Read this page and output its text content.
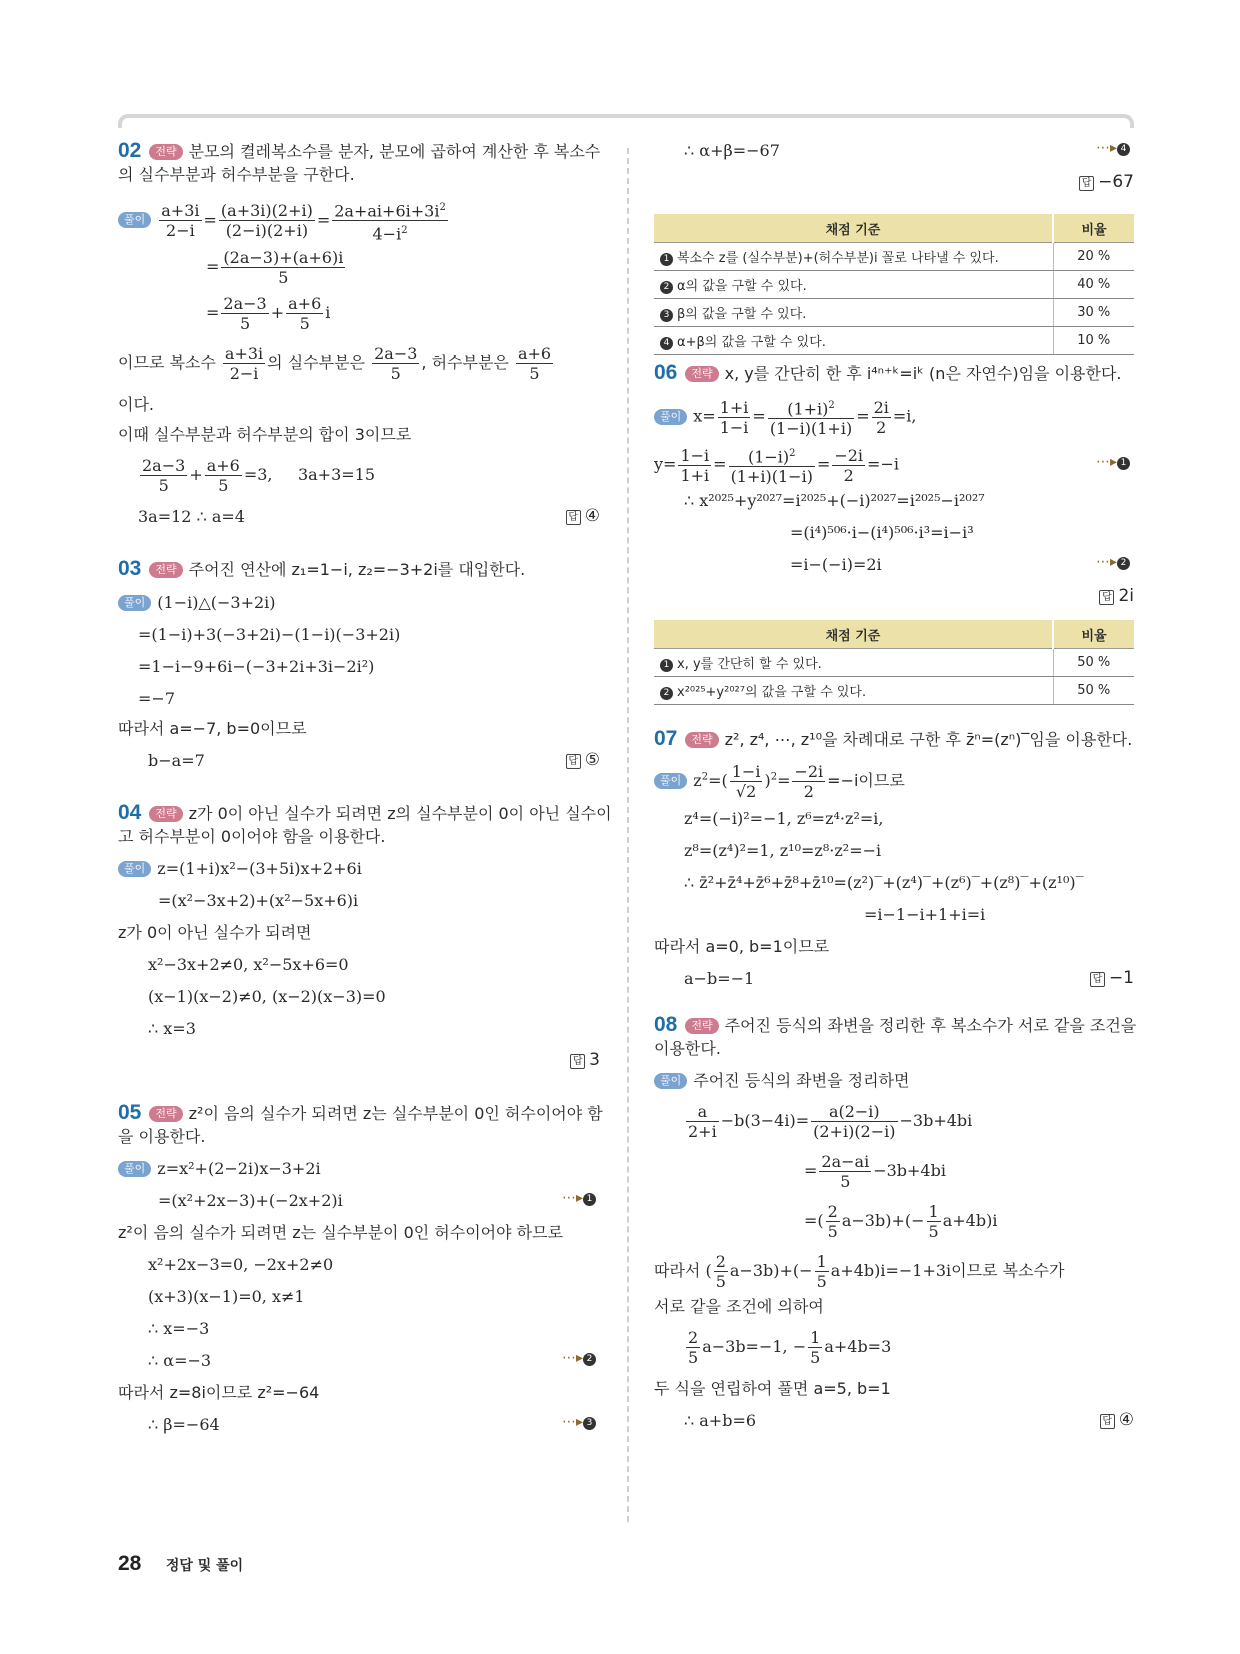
02 전략 분모의 켤레복소수를 분자, 분모에 곱하여 계산한 후 복소수
의 실수부분과 허수부분을 구한다.
풀이 $\frac{a+3i}{2-i} = \frac{(a+3i)(2+i)}{(2-i)(2+i)} = \frac{2a+ai+6i+3i^2}{4-i^2}$
= $\frac{(2a-3)+(a+6)i}{5}$
= $\frac{2a-3}{5} + \frac{a+6}{5}$ i
이므로 복소수 $\frac{a+3i}{2-i}$ 의 실수부분은 $\frac{2a-3}{5}$ , 허수부분은 $\frac{a+6}{5}$
이다.
이때 실수부분과 허수부분의 합이 3이므로
$\frac{2a-3}{5} + \frac{a+6}{5} =3$,     3a+3=15
3a=12 ∴ a=4	답 ④
03 전략 주어진 연산에 z₁=1−i, z₂=−3+2i를 대입한다.
풀이 (1−i)△(−3+2i)
=(1−i)+3(−3+2i)−(1−i)(−3+2i)
=1−i−9+6i−(−3+2i+3i−2i²)
=−7
따라서 a=−7, b=0이므로
b−a=7	답 ⑤
04 전략 z가 0이 아닌 실수가 되려면 z의 실수부분이 0이 아닌 실수이
고 허수부분이 0이어야 함을 이용한다.
풀이 z=(1+i)x²−(3+5i)x+2+6i
=(x²−3x+2)+(x²−5x+6)i
z가 0이 아닌 실수가 되려면
x²−3x+2≠0, x²−5x+6=0
(x−1)(x−2)≠0, (x−2)(x−3)=0
∴ x=3
답 3
05 전략 z²이 음의 실수가 되려면 z는 실수부분이 0인 허수이어야 함
을 이용한다.
풀이 z=x²+(2−2i)x−3+2i
=(x²+2x−3)+(−2x+2)i	⋯▸ 1
z²이 음의 실수가 되려면 z는 실수부분이 0인 허수이어야 하므로
x²+2x−3=0, −2x+2≠0
(x+3)(x−1)=0, x≠1
∴ x=−3
∴ α=−3	⋯▸ 2
따라서 z=8i이므로 z²=−64
∴ β=−64	⋯▸ 3
∴ α+β=−67	⋯▸ 4
답 −67
채점 기준	비율
1 복소수 z를 (실수부분)+(허수부분)i 꼴로 나타낼 수 있다.	20 %
2 α의 값을 구할 수 있다.	40 %
3 β의 값을 구할 수 있다.	30 %
4 α+β의 값을 구할 수 있다.	10 %
06 전략 x, y를 간단히 한 후 i⁴ⁿ⁺ᵏ=iᵏ (n은 자연수)임을 이용한다.
풀이 $x= \frac{1+i}{1-i} = \frac{(1+i)^2}{(1-i)(1+i)} = \frac{2i}{2} =i$,
$y= \frac{1-i}{1+i} = \frac{(1-i)^2}{(1+i)(1-i)} = \frac{-2i}{2} =-i$	⋯▸ 1
∴ x²⁰²⁵+y²⁰²⁷=i²⁰²⁵+(−i)²⁰²⁷=i²⁰²⁵−i²⁰²⁷
=(i⁴)⁵⁰⁶·i−(i⁴)⁵⁰⁶·i³=i−i³
=i−(−i)=2i	⋯▸ 2
답 2i
채점 기준	비율
1 x, y를 간단히 할 수 있다.	50 %
2 x²⁰²⁵+y²⁰²⁷의 값을 구할 수 있다.	50 %
07 전략 z², z⁴, ⋯, z¹⁰을 차례대로 구한 후 z̄ⁿ=(zⁿ)‾임을 이용한다.
풀이 $z^2=( \frac{1-i}{√2} )^2= \frac{-2i}{2} =-i$이므로
z⁴=(−i)²=−1, z⁶=z⁴·z²=i,
z⁸=(z⁴)²=1, z¹⁰=z⁸·z²=−i
∴ z̄²+z̄⁴+z̄⁶+z̄⁸+z̄¹⁰=(z²)‾+(z⁴)‾+(z⁶)‾+(z⁸)‾+(z¹⁰)‾
=i−1−i+1+i=i
따라서 a=0, b=1이므로
a−b=−1	답 −1
08 전략 주어진 등식의 좌변을 정리한 후 복소수가 서로 같을 조건을
이용한다.
풀이 주어진 등식의 좌변을 정리하면
$\frac{a}{2+i} -b(3-4i)= \frac{a(2-i)}{(2+i)(2-i)} -3b+4bi$
= $\frac{2a-ai}{5} -3b+4bi$
=( $\frac{2}{5} a-3b)+(- \frac{1}{5} a+4b)i$
따라서 ( $\frac{2}{5} a-3b)+(- \frac{1}{5} a+4b)i=-1+3i$이므로 복소수가
서로 같을 조건에 의하여
$\frac{2}{5} a-3b=-1$, − $\frac{1}{5} a+4b=3$
두 식을 연립하여 풀면 a=5, b=1
∴ a+b=6	답 ④
28 정답 및 풀이
